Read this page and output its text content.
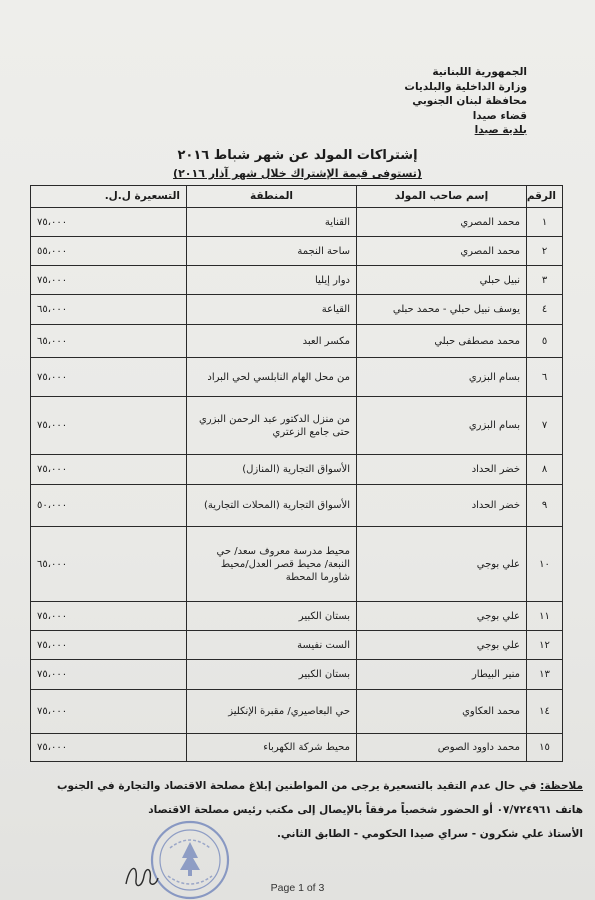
الجمهورية اللبنانية
وزارة الداخلية والبلديات
محافظة لبنان الجنوبي
قضاء صيدا
بلدية صيدا
إشتراكات المولد عن شهر شباط ٢٠١٦
(تستوفى قيمة الإشتراك خلال شهر آذار ٢٠١٦)
الرقم	إسم صاحب المولد	المنطقة	التسعيرة ل.ل.
١	محمد المصري	القناية	٧٥،٠٠٠
٢	محمد المصري	ساحة النجمة	٥٥،٠٠٠
٣	نبيل حبلي	دوار إيليا	٧٥،٠٠٠
٤	يوسف نبيل حبلي - محمد حبلي	القياعة	٦٥،٠٠٠
٥	محمد مصطفى حبلي	مكسر العبد	٦٥،٠٠٠
٦	بسام البزري	من محل الهام النابلسي لحي البراد	٧٥،٠٠٠
٧	بسام البزري	من منزل الدكتور عبد الرحمن البزري حتى جامع الزعتري	٧٥،٠٠٠
٨	خضر الحداد	الأسواق التجارية (المنازل)	٧٥،٠٠٠
٩	خضر الحداد	الأسواق التجارية (المحلات التجارية)	٥٠،٠٠٠
١٠	علي بوجي	محيط مدرسة معروف سعد/ حي النبعة/ محيط قصر العدل/محيط شاورما المحطة	٦٥،٠٠٠
١١	علي بوجي	بستان الكبير	٧٥،٠٠٠
١٢	علي بوجي	الست نفيسة	٧٥،٠٠٠
١٣	منير البيطار	بستان الكبير	٧٥،٠٠٠
١٤	محمد العكاوي	حي البعاصيري/ مقبرة الإنكليز	٧٥،٠٠٠
١٥	محمد داوود الصوص	محيط شركة الكهرباء	٧٥،٠٠٠
ملاحظة: في حال عدم التقيد بالتسعيرة يرجى من المواطنين إبلاغ مصلحة الاقتصاد والتجارة في الجنوب
هاتف ٠٧/٧٢٤٩٦١ أو الحضور شخصياً مرفقاً بالإيصال إلى مكتب رئيس مصلحة الاقتصاد
الأستاذ علي شكرون - سراي صيدا الحكومي - الطابق الثاني.
Page 1 of 3
